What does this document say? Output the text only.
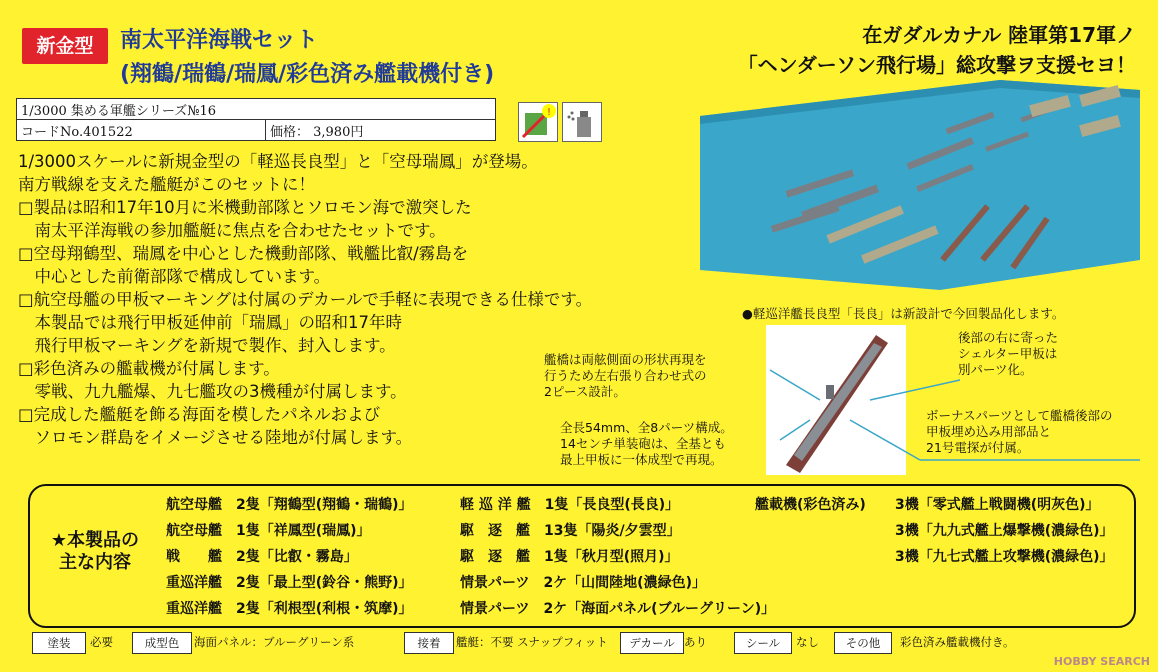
新金型	南太平洋海戦セット
(翔鶴/瑞鶴/瑞鳳/彩色済み艦載機付き)
在ガダルカナル 陸軍第17軍ノ
「ヘンダーソン飛行場」総攻撃ヲ支援セヨ！
1/3000 集める軍艦シリーズ№16
コードNo.401522	価格： 3,980円
!
1/3000スケールに新規金型の「軽巡長良型」と「空母瑞鳳」が登場。
南方戦線を支えた艦艇がこのセットに！
□製品は昭和17年10月に米機動部隊とソロモン海で激突した
　南太平洋海戦の参加艦艇に焦点を合わせたセットです。
□空母翔鶴型、瑞鳳を中心とした機動部隊、戦艦比叡/霧島を
　中心とした前衛部隊で構成しています。
□航空母艦の甲板マーキングは付属のデカールで手軽に表現できる仕様です。
　本製品では飛行甲板延伸前「瑞鳳」の昭和17年時
　飛行甲板マーキングを新規で製作、封入します。
□彩色済みの艦載機が付属します。
　零戦、九九艦爆、九七艦攻の3機種が付属します。
□完成した艦艇を飾る海面を模したパネルおよび
　ソロモン群島をイメージさせる陸地が付属します。
●軽巡洋艦長良型「長良」は新設計で今回製品化します。
艦橋は両舷側面の形状再現を
行うため左右張り合わせ式の
2ピース設計。
後部の右に寄った
シェルター甲板は
別パーツ化。
全長54mm、全8パーツ構成。
14センチ単装砲は、全基とも
最上甲板に一体成型で再現。
ボーナスパーツとして艦橋後部の
甲板埋め込み用部品と
21号電探が付属。
★本製品の
主な内容
航空母艦　2隻「翔鶴型(翔鶴・瑞鶴)」
航空母艦　1隻「祥鳳型(瑞鳳)」
戦　　艦　2隻「比叡・霧島」
重巡洋艦　2隻「最上型(鈴谷・熊野)」
重巡洋艦　2隻「利根型(利根・筑摩)」
軽 巡 洋 艦　1隻「長良型(長良)」
駆　逐　艦　13隻「陽炎/夕雲型」
駆　逐　艦　1隻「秋月型(照月)」
情景パーツ　2ケ「山間陸地(濃緑色)」
情景パーツ　2ケ「海面パネル(ブルーグリーン)」
艦載機(彩色済み) 3機「零式艦上戦闘機(明灰色)」
3機「九九式艦上爆撃機(濃緑色)」
3機「九七式艦上攻撃機(濃緑色)」
塗装	必要	成型色	海面パネル：ブルーグリーン系	接着	艦艇：不要 スナップフィット	デカール あり	シール	なし	その他	彩色済み艦載機付き。
HOBBY SEARCH
